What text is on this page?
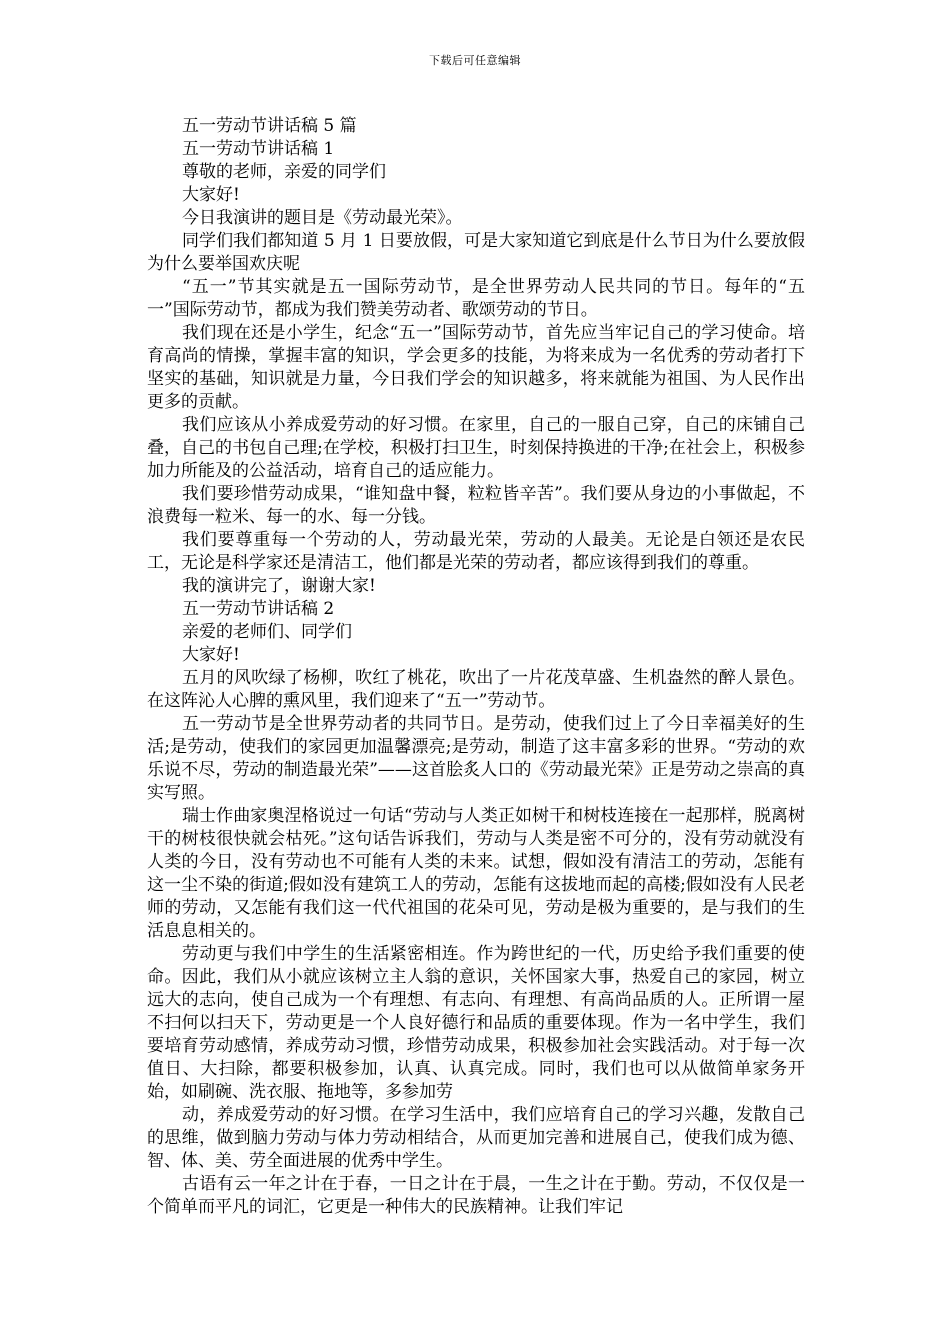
下载后可任意编辑

五一劳动节讲话稿 5 篇

五一劳动节讲话稿 1

尊敬的老师，亲爱的同学们

大家好!

今日我演讲的题目是《劳动最光荣》。

同学们我们都知道 5 月 1 日要放假，可是大家知道它到底是什么节日为什么要放假为什么要举国欢庆呢

“五一”节其实就是五一国际劳动节，是全世界劳动人民共同的节日。每年的“五一”国际劳动节，都成为我们赞美劳动者、歌颂劳动的节日。

我们现在还是小学生，纪念“五一”国际劳动节，首先应当牢记自己的学习使命。培育高尚的情操，掌握丰富的知识，学会更多的技能，为将来成为一名优秀的劳动者打下坚实的基础，知识就是力量，今日我们学会的知识越多，将来就能为祖国、为人民作出更多的贡献。

我们应该从小养成爱劳动的好习惯。在家里，自己的一服自己穿，自己的床铺自己叠，自己的书包自己理;在学校，积极打扫卫生，时刻保持换进的干净;在社会上，积极参加力所能及的公益活动，培育自己的适应能力。

我们要珍惜劳动成果，“谁知盘中餐，粒粒皆辛苦”。我们要从身边的小事做起，不浪费每一粒米、每一的水、每一分钱。

我们要尊重每一个劳动的人，劳动最光荣，劳动的人最美。无论是白领还是农民工，无论是科学家还是清洁工，他们都是光荣的劳动者，都应该得到我们的尊重。

我的演讲完了，谢谢大家!

五一劳动节讲话稿 2

亲爱的老师们、同学们

大家好!

五月的风吹绿了杨柳，吹红了桃花，吹出了一片花茂草盛、生机盎然的醉人景色。在这阵沁人心脾的熏风里，我们迎来了“五一”劳动节。

五一劳动节是全世界劳动者的共同节日。是劳动，使我们过上了今日幸福美好的生活;是劳动，使我们的家园更加温馨漂亮;是劳动，制造了这丰富多彩的世界。“劳动的欢乐说不尽，劳动的制造最光荣”——这首脍炙人口的《劳动最光荣》正是劳动之崇高的真实写照。

瑞士作曲家奥涅格说过一句话“劳动与人类正如树干和树枝连接在一起那样，脱离树干的树枝很快就会枯死。”这句话告诉我们，劳动与人类是密不可分的，没有劳动就没有人类的今日，没有劳动也不可能有人类的未来。试想，假如没有清洁工的劳动，怎能有这一尘不染的街道;假如没有建筑工人的劳动，怎能有这拔地而起的高楼;假如没有人民老师的劳动，又怎能有我们这一代代祖国的花朵可见，劳动是极为重要的，是与我们的生活息息相关的。

劳动更与我们中学生的生活紧密相连。作为跨世纪的一代，历史给予我们重要的使命。因此，我们从小就应该树立主人翁的意识，关怀国家大事，热爱自己的家园，树立远大的志向，使自己成为一个有理想、有志向、有理想、有高尚品质的人。正所谓一屋不扫何以扫天下，劳动更是一个人良好德行和品质的重要体现。作为一名中学生，我们要培育劳动感情，养成劳动习惯，珍惜劳动成果，积极参加社会实践活动。对于每一次值日、大扫除，都要积极参加，认真、认真完成。同时，我们也可以从做简单家务开始，如刷碗、洗衣服、拖地等，多参加劳

动，养成爱劳动的好习惯。在学习生活中，我们应培育自己的学习兴趣，发散自己的思维，做到脑力劳动与体力劳动相结合，从而更加完善和进展自己，使我们成为德、智、体、美、劳全面进展的优秀中学生。

古语有云一年之计在于春，一日之计在于晨，一生之计在于勤。劳动，不仅仅是一个简单而平凡的词汇，它更是一种伟大的民族精神。让我们牢记
